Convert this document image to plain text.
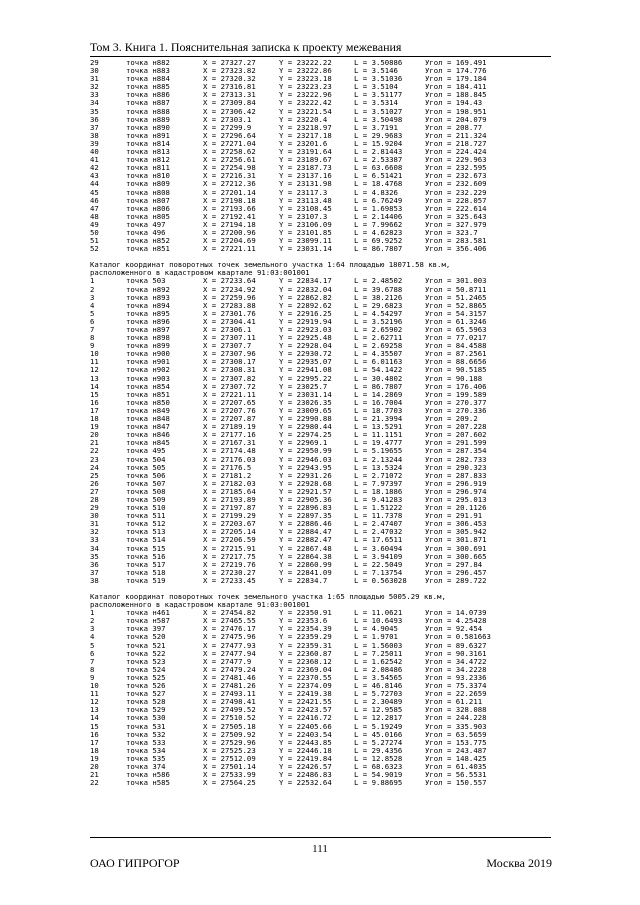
Том 3. Книга 1. Пояснительная записка к проекту межевания
29	точка н882	X = 27327.27	Y = 23222.22	L = 3.50886	Угол = 169.491
30	точка н883	X = 27323.82	Y = 23222.86	L = 3.5146	Угол = 174.776
31	точка н884	X = 27320.32	Y = 23223.18	L = 3.51036	Угол = 179.184
32	точка н885	X = 27316.81	Y = 23223.23	L = 3.5104	Угол = 184.411
33	точка н886	X = 27313.31	Y = 23222.96	L = 3.51177	Угол = 188.845
34	точка н887	X = 27309.84	Y = 23222.42	L = 3.5314	Угол = 194.43
35	точка н888	X = 27306.42	Y = 23221.54	L = 3.51027	Угол = 198.951
36	точка н889	X = 27303.1	Y = 23220.4	L = 3.50498	Угол = 204.079
37	точка н890	X = 27299.9	Y = 23218.97	L = 3.7191	Угол = 208.77
38	точка н891	X = 27296.64	Y = 23217.18	L = 29.9683	Угол = 211.324
39	точка н814	X = 27271.04	Y = 23201.6	L = 15.9204	Угол = 218.727
40	точка н813	X = 27258.62	Y = 23191.64	L = 2.81443	Угол = 224.424
41	точка н812	X = 27256.61	Y = 23189.67	L = 2.53387	Угол = 229.963
42	точка н811	X = 27254.98	Y = 23187.73	L = 63.6608	Угол = 232.595
43	точка н810	X = 27216.31	Y = 23137.16	L = 6.51421	Угол = 232.673
44	точка н809	X = 27212.36	Y = 23131.98	L = 18.4768	Угол = 232.609
45	точка н808	X = 27201.14	Y = 23117.3	L = 4.8326	Угол = 232.229
46	точка н807	X = 27198.18	Y = 23113.48	L = 6.76249	Угол = 228.057
47	точка н806	X = 27193.66	Y = 23108.45	L = 1.69853	Угол = 222.614
48	точка н805	X = 27192.41	Y = 23107.3	L = 2.14406	Угол = 325.643
49	точка 497	X = 27194.18	Y = 23106.09	L = 7.99662	Угол = 327.979
50	точка 496	X = 27200.96	Y = 23101.85	L = 4.62823	Угол = 323.7
51	точка н852	X = 27204.69	Y = 23099.11	L = 69.9252	Угол = 283.581
52	точка н851	X = 27221.11	Y = 23031.14	L = 86.7807	Угол = 356.406
Каталог координат поворотных точек земельного участка 1:64 площадью 18071.58 кв.м,
расположенного в кадастровом квартале 91:03:001001
1	точка 503	X = 27233.64	Y = 22834.17	L = 2.48502	Угол = 301.003
2	точка н892	X = 27234.92	Y = 22832.04	L = 39.6788	Угол = 50.8711
3	точка н893	X = 27259.96	Y = 22862.82	L = 38.2126	Угол = 51.2465
4	точка н894	X = 27283.88	Y = 22892.62	L = 29.6823	Угол = 52.8865
5	точка н895	X = 27301.76	Y = 22916.25	L = 4.54297	Угол = 54.3157
6	точка н896	X = 27304.41	Y = 22919.94	L = 3.52196	Угол = 61.3246
7	точка н897	X = 27306.1	Y = 22923.03	L = 2.65902	Угол = 65.5963
8	точка н898	X = 27307.11	Y = 22925.48	L = 2.62711	Угол = 77.0217
9	точка н899	X = 27307.7	Y = 22928.04	L = 2.69258	Угол = 84.4588
10	точка н900	X = 27307.96	Y = 22930.72	L = 4.35507	Угол = 87.2561
11	точка н901	X = 27308.17	Y = 22935.07	L = 6.01163	Угол = 88.6656
12	точка н902	X = 27308.31	Y = 22941.08	L = 54.1422	Угол = 90.5185
13	точка н903	X = 27307.82	Y = 22995.22	L = 30.4802	Угол = 90.188
14	точка н854	X = 27307.72	Y = 23025.7	L = 86.7807	Угол = 176.406
15	точка н851	X = 27221.11	Y = 23031.14	L = 14.2869	Угол = 199.589
16	точка н850	X = 27207.65	Y = 23026.35	L = 16.7004	Угол = 270.377
17	точка н849	X = 27207.76	Y = 23009.65	L = 18.7703	Угол = 270.336
18	точка н848	X = 27207.87	Y = 22990.88	L = 21.3994	Угол = 209.2
19	точка н847	X = 27189.19	Y = 22980.44	L = 13.5291	Угол = 207.228
20	точка н846	X = 27177.16	Y = 22974.25	L = 11.1151	Угол = 207.602
21	точка н845	X = 27167.31	Y = 22969.1	L = 19.4777	Угол = 291.599
22	точка 495	X = 27174.48	Y = 22950.99	L = 5.19655	Угол = 287.354
23	точка 504	X = 27176.03	Y = 22946.03	L = 2.13244	Угол = 282.733
24	точка 505	X = 27176.5	Y = 22943.95	L = 13.5324	Угол = 290.323
25	точка 506	X = 27181.2	Y = 22931.26	L = 2.71072	Угол = 287.833
26	точка 507	X = 27182.03	Y = 22928.68	L = 7.97397	Угол = 296.919
27	точка 508	X = 27185.64	Y = 22921.57	L = 18.1886	Угол = 296.974
28	точка 509	X = 27193.89	Y = 22905.36	L = 9.41283	Угол = 295.013
29	точка 510	X = 27197.87	Y = 22896.83	L = 1.51222	Угол = 20.1126
30	точка 511	X = 27199.29	Y = 22897.35	L = 11.7378	Угол = 291.91
31	точка 512	X = 27203.67	Y = 22886.46	L = 2.47407	Угол = 306.453
32	точка 513	X = 27205.14	Y = 22884.47	L = 2.47032	Угол = 305.942
33	точка 514	X = 27206.59	Y = 22882.47	L = 17.6511	Угол = 301.871
34	точка 515	X = 27215.91	Y = 22867.48	L = 3.60494	Угол = 300.691
35	точка 516	X = 27217.75	Y = 22864.38	L = 3.94109	Угол = 300.665
36	точка 517	X = 27219.76	Y = 22860.99	L = 22.5049	Угол = 297.84
37	точка 518	X = 27230.27	Y = 22841.09	L = 7.13754	Угол = 296.457
38	точка 519	X = 27233.45	Y = 22834.7	L = 0.563028	Угол = 289.722
Каталог координат поворотных точек земельного участка 1:65 площадью 5005.29 кв.м,
расположенного в кадастровом квартале 91:03:001001
1	точка н461	X = 27454.82	Y = 22350.91	L = 11.0621	Угол = 14.0739
2	точка н587	X = 27465.55	Y = 22353.6	L = 10.6493	Угол = 4.25428
3	точка 397	X = 27476.17	Y = 22354.39	L = 4.9045	Угол = 92.454
4	точка 520	X = 27475.96	Y = 22359.29	L = 1.9701	Угол = 0.581663
5	точка 521	X = 27477.93	Y = 22359.31	L = 1.56003	Угол = 89.6327
6	точка 522	X = 27477.94	Y = 22360.87	L = 7.25011	Угол = 90.3161
7	точка 523	X = 27477.9	Y = 22368.12	L = 1.62542	Угол = 34.4722
8	точка 524	X = 27479.24	Y = 22369.04	L = 2.08486	Угол = 34.2228
9	точка 525	X = 27481.46	Y = 22370.55	L = 3.54565	Угол = 93.2336
10	точка 526	X = 27481.26	Y = 22374.09	L = 46.8146	Угол = 75.3374
11	точка 527	X = 27493.11	Y = 22419.38	L = 5.72703	Угол = 22.2659
12	точка 528	X = 27498.41	Y = 22421.55	L = 2.30489	Угол = 61.211
13	точка 529	X = 27499.52	Y = 22423.57	L = 12.9585	Угол = 328.088
14	точка 530	X = 27510.52	Y = 22416.72	L = 12.2817	Угол = 244.228
15	точка 531	X = 27505.18	Y = 22405.66	L = 5.19249	Угол = 335.903
16	точка 532	X = 27509.92	Y = 22403.54	L = 45.0166	Угол = 63.5659
17	точка 533	X = 27529.96	Y = 22443.85	L = 5.27274	Угол = 153.775
18	точка 534	X = 27525.23	Y = 22446.18	L = 29.4356	Угол = 243.487
19	точка 535	X = 27512.09	Y = 22419.84	L = 12.8528	Угол = 148.425
20	точка 374	X = 27501.14	Y = 22426.57	L = 68.6323	Угол = 61.4035
21	точка н586	X = 27533.99	Y = 22486.83	L = 54.9019	Угол = 56.5531
22	точка н585	X = 27564.25	Y = 22532.64	L = 9.88695	Угол = 150.557
111
ОАО ГИПРОГОР	Москва 2019
